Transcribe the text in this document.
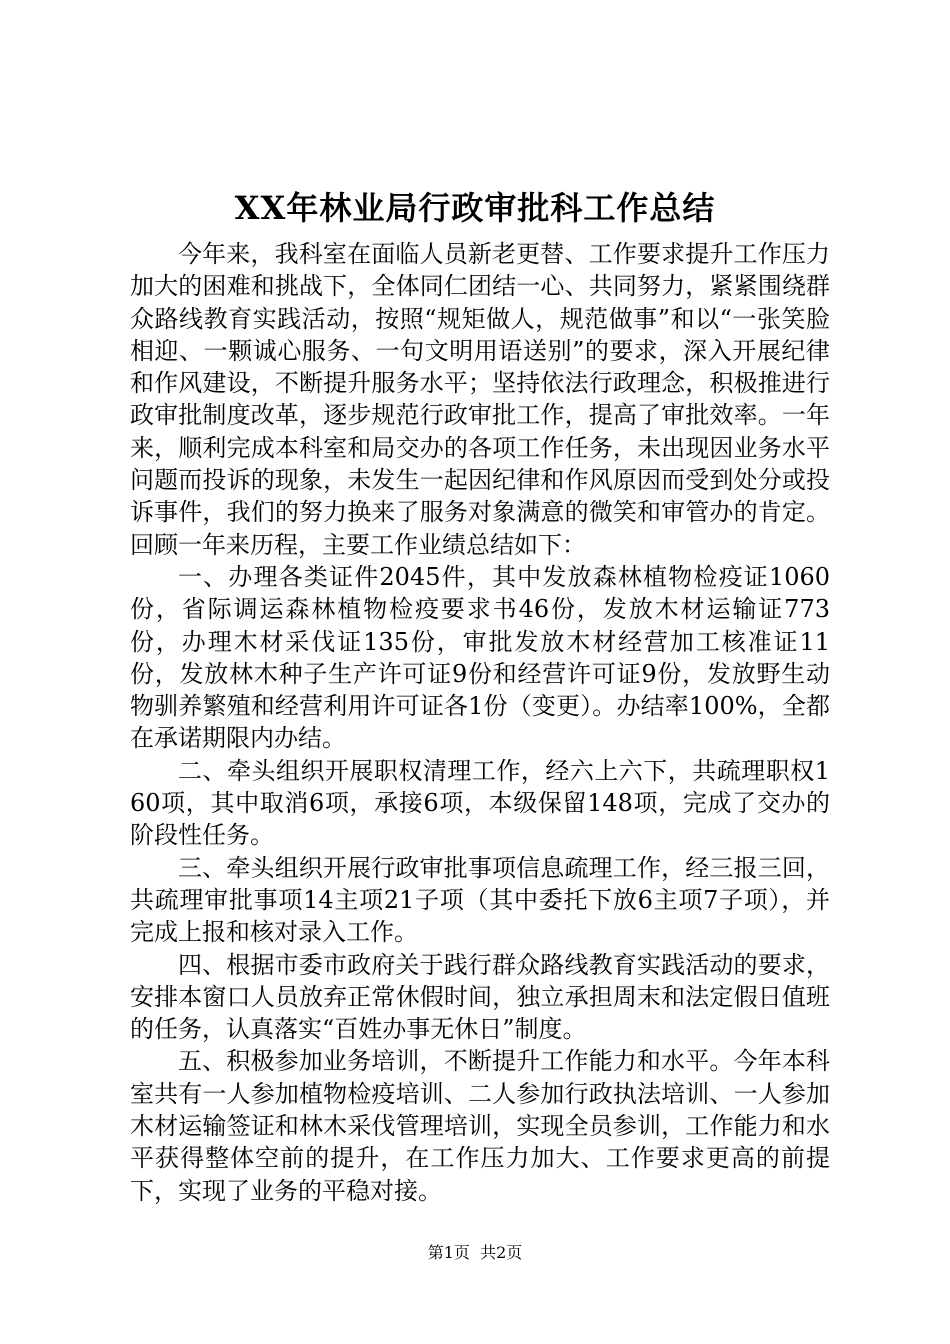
XX年林业局行政审批科工作总结

今年来，我科室在面临人员新老更替、工作要求提升工作压力加大的困难和挑战下，全体同仁团结一心、共同努力，紧紧围绕群众路线教育实践活动，按照“规矩做人，规范做事”和以“一张笑脸相迎、一颗诚心服务、一句文明用语送别”的要求，深入开展纪律和作风建设，不断提升服务水平；坚持依法行政理念，积极推进行政审批制度改革，逐步规范行政审批工作，提高了审批效率。一年来，顺利完成本科室和局交办的各项工作任务，未出现因业务水平问题而投诉的现象，未发生一起因纪律和作风原因而受到处分或投诉事件，我们的努力换来了服务对象满意的微笑和审管办的肯定。回顾一年来历程，主要工作业绩总结如下：

一、办理各类证件2045件，其中发放森林植物检疫证1060份，省际调运森林植物检疫要求书46份，发放木材运输证773份，办理木材采伐证135份，审批发放木材经营加工核准证11份，发放林木种子生产许可证9份和经营许可证9份，发放野生动物驯养繁殖和经营利用许可证各1份（变更）。办结率100%，全都在承诺期限内办结。

二、牵头组织开展职权清理工作，经六上六下，共疏理职权160项，其中取消6项，承接6项，本级保留148项，完成了交办的阶段性任务。

三、牵头组织开展行政审批事项信息疏理工作，经三报三回，共疏理审批事项14主项21子项（其中委托下放6主项7子项），并完成上报和核对录入工作。

四、根据市委市政府关于践行群众路线教育实践活动的要求，安排本窗口人员放弃正常休假时间，独立承担周末和法定假日值班的任务，认真落实“百姓办事无休日”制度。

五、积极参加业务培训，不断提升工作能力和水平。今年本科室共有一人参加植物检疫培训、二人参加行政执法培训、一人参加木材运输签证和林木采伐管理培训，实现全员参训，工作能力和水平获得整体空前的提升，在工作压力加大、工作要求更高的前提下，实现了业务的平稳对接。

第1页  共2页
